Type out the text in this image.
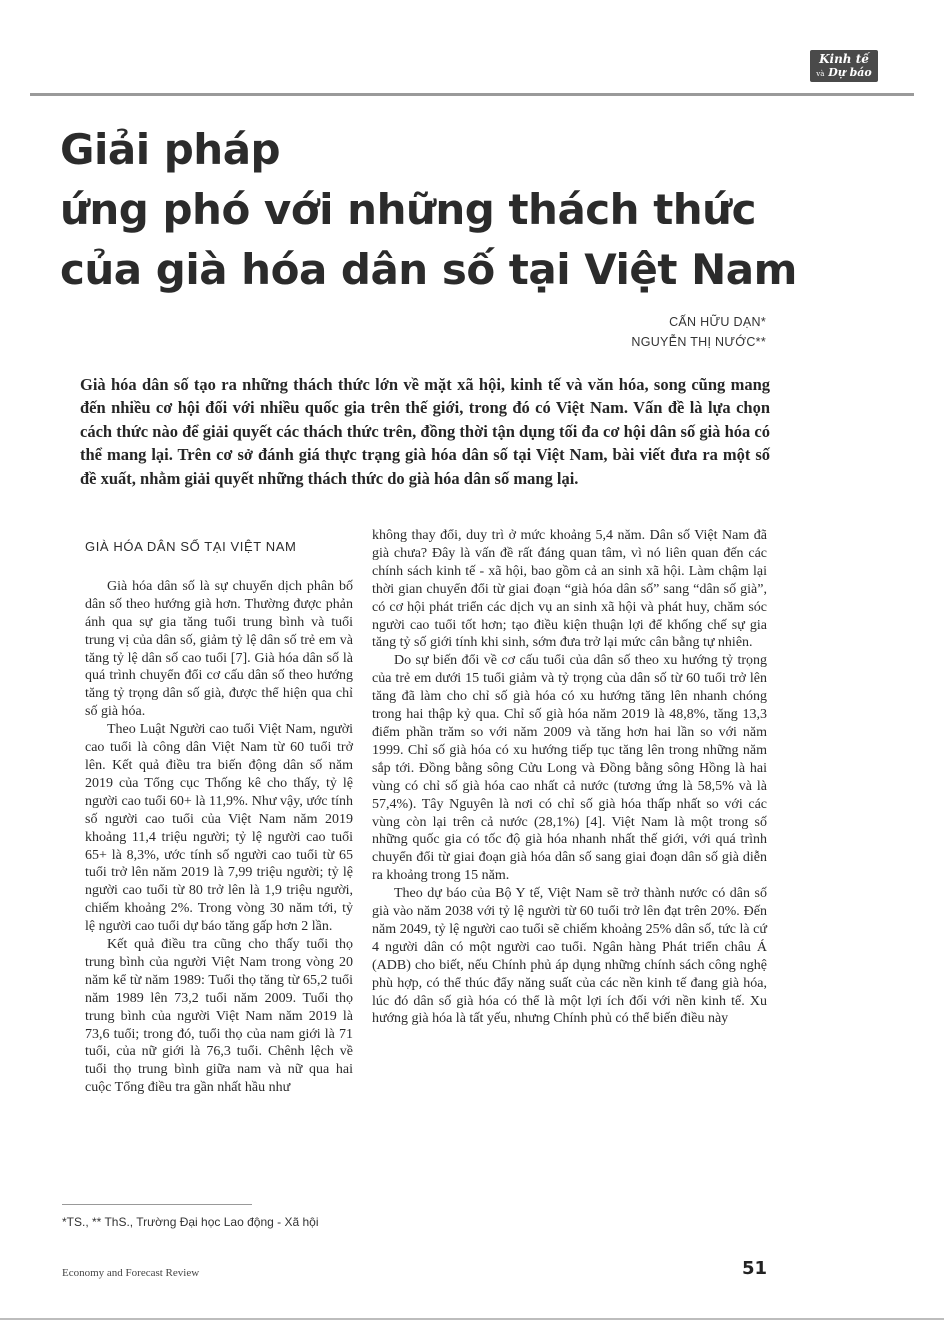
Kinh tế
và Dự báo
Giải pháp
ứng phó với những thách thức
của già hóa dân số tại Việt Nam
CẤN HỮU DẠN*
NGUYỄN THỊ NƯỚC**
Già hóa dân số tạo ra những thách thức lớn về mặt xã hội, kinh tế và văn hóa, song cũng mang đến nhiều cơ hội đối với nhiều quốc gia trên thế giới, trong đó có Việt Nam. Vấn đề là lựa chọn cách thức nào để giải quyết các thách thức trên, đồng thời tận dụng tối đa cơ hội dân số già hóa có thể mang lại. Trên cơ sở đánh giá thực trạng già hóa dân số tại Việt Nam, bài viết đưa ra một số đề xuất, nhằm giải quyết những thách thức do già hóa dân số mang lại.
GIÀ HÓA DÂN SỐ TẠI VIỆT NAM

Già hóa dân số là sự chuyển dịch phân bố dân số theo hướng già hơn. Thường được phản ánh qua sự gia tăng tuổi trung bình và tuổi trung vị của dân số, giảm tỷ lệ dân số trẻ em và tăng tỷ lệ dân số cao tuổi [7]. Già hóa dân số là quá trình chuyển đổi cơ cấu dân số theo hướng tăng tỷ trọng dân số già, được thể hiện qua chỉ số già hóa.

Theo Luật Người cao tuổi Việt Nam, người cao tuổi là công dân Việt Nam từ 60 tuổi trở lên. Kết quả điều tra biến động dân số năm 2019 của Tổng cục Thống kê cho thấy, tỷ lệ người cao tuổi 60+ là 11,9%. Như vậy, ước tính số người cao tuổi của Việt Nam năm 2019 khoảng 11,4 triệu người; tỷ lệ người cao tuổi 65+ là 8,3%, ước tính số người cao tuổi từ 65 tuổi trở lên năm 2019 là 7,99 triệu người; tỷ lệ người cao tuổi từ 80 trở lên là 1,9 triệu người, chiếm khoảng 2%. Trong vòng 30 năm tới, tỷ lệ người cao tuổi dự báo tăng gấp hơn 2 lần.

Kết quả điều tra cũng cho thấy tuổi thọ trung bình của người Việt Nam trong vòng 20 năm kể từ năm 1989: Tuổi thọ tăng từ 65,2 tuổi năm 1989 lên 73,2 tuổi năm 2009. Tuổi thọ trung bình của người Việt Nam năm 2019 là 73,6 tuổi; trong đó, tuổi thọ của nam giới là 71 tuổi, của nữ giới là 76,3 tuổi. Chênh lệch về tuổi thọ trung bình giữa nam và nữ qua hai cuộc Tổng điều tra gần nhất hầu như

không thay đổi, duy trì ở mức khoảng 5,4 năm. Dân số Việt Nam đã già chưa? Đây là vấn đề rất đáng quan tâm, vì nó liên quan đến các chính sách kinh tế - xã hội, bao gồm cả an sinh xã hội. Làm chậm lại thời gian chuyển đổi từ giai đoạn “già hóa dân số” sang “dân số già”, có cơ hội phát triển các dịch vụ an sinh xã hội và phát huy, chăm sóc người cao tuổi tốt hơn; tạo điều kiện thuận lợi để khống chế sự gia tăng tỷ số giới tính khi sinh, sớm đưa trở lại mức cân bằng tự nhiên.

Do sự biến đổi về cơ cấu tuổi của dân số theo xu hướng tỷ trọng của trẻ em dưới 15 tuổi giảm và tỷ trọng của dân số từ 60 tuổi trở lên tăng đã làm cho chỉ số già hóa có xu hướng tăng lên nhanh chóng trong hai thập kỷ qua. Chỉ số già hóa năm 2019 là 48,8%, tăng 13,3 điểm phần trăm so với năm 2009 và tăng hơn hai lần so với năm 1999. Chỉ số già hóa có xu hướng tiếp tục tăng lên trong những năm sắp tới. Đồng bằng sông Cửu Long và Đồng bằng sông Hồng là hai vùng có chỉ số già hóa cao nhất cả nước (tương ứng là 58,5% và là 57,4%). Tây Nguyên là nơi có chỉ số già hóa thấp nhất so với các vùng còn lại trên cả nước (28,1%) [4]. Việt Nam là một trong số những quốc gia có tốc độ già hóa nhanh nhất thế giới, với quá trình chuyển đổi từ giai đoạn già hóa dân số sang giai đoạn dân số già diễn ra khoảng trong 15 năm.

Theo dự báo của Bộ Y tế, Việt Nam sẽ trở thành nước có dân số già vào năm 2038 với tỷ lệ người từ 60 tuổi trở lên đạt trên 20%. Đến năm 2049, tỷ lệ người cao tuổi sẽ chiếm khoảng 25% dân số, tức là cứ 4 người dân có một người cao tuổi. Ngân hàng Phát triển châu Á (ADB) cho biết, nếu Chính phủ áp dụng những chính sách công nghệ phù hợp, có thể thúc đẩy năng suất của các nền kinh tế đang già hóa, lúc đó dân số già hóa có thể là một lợi ích đối với nền kinh tế. Xu hướng già hóa là tất yếu, nhưng Chính phủ có thể biến điều này

*TS., ** ThS., Trường Đại học Lao động - Xã hội
Economy and Forecast Review	51
